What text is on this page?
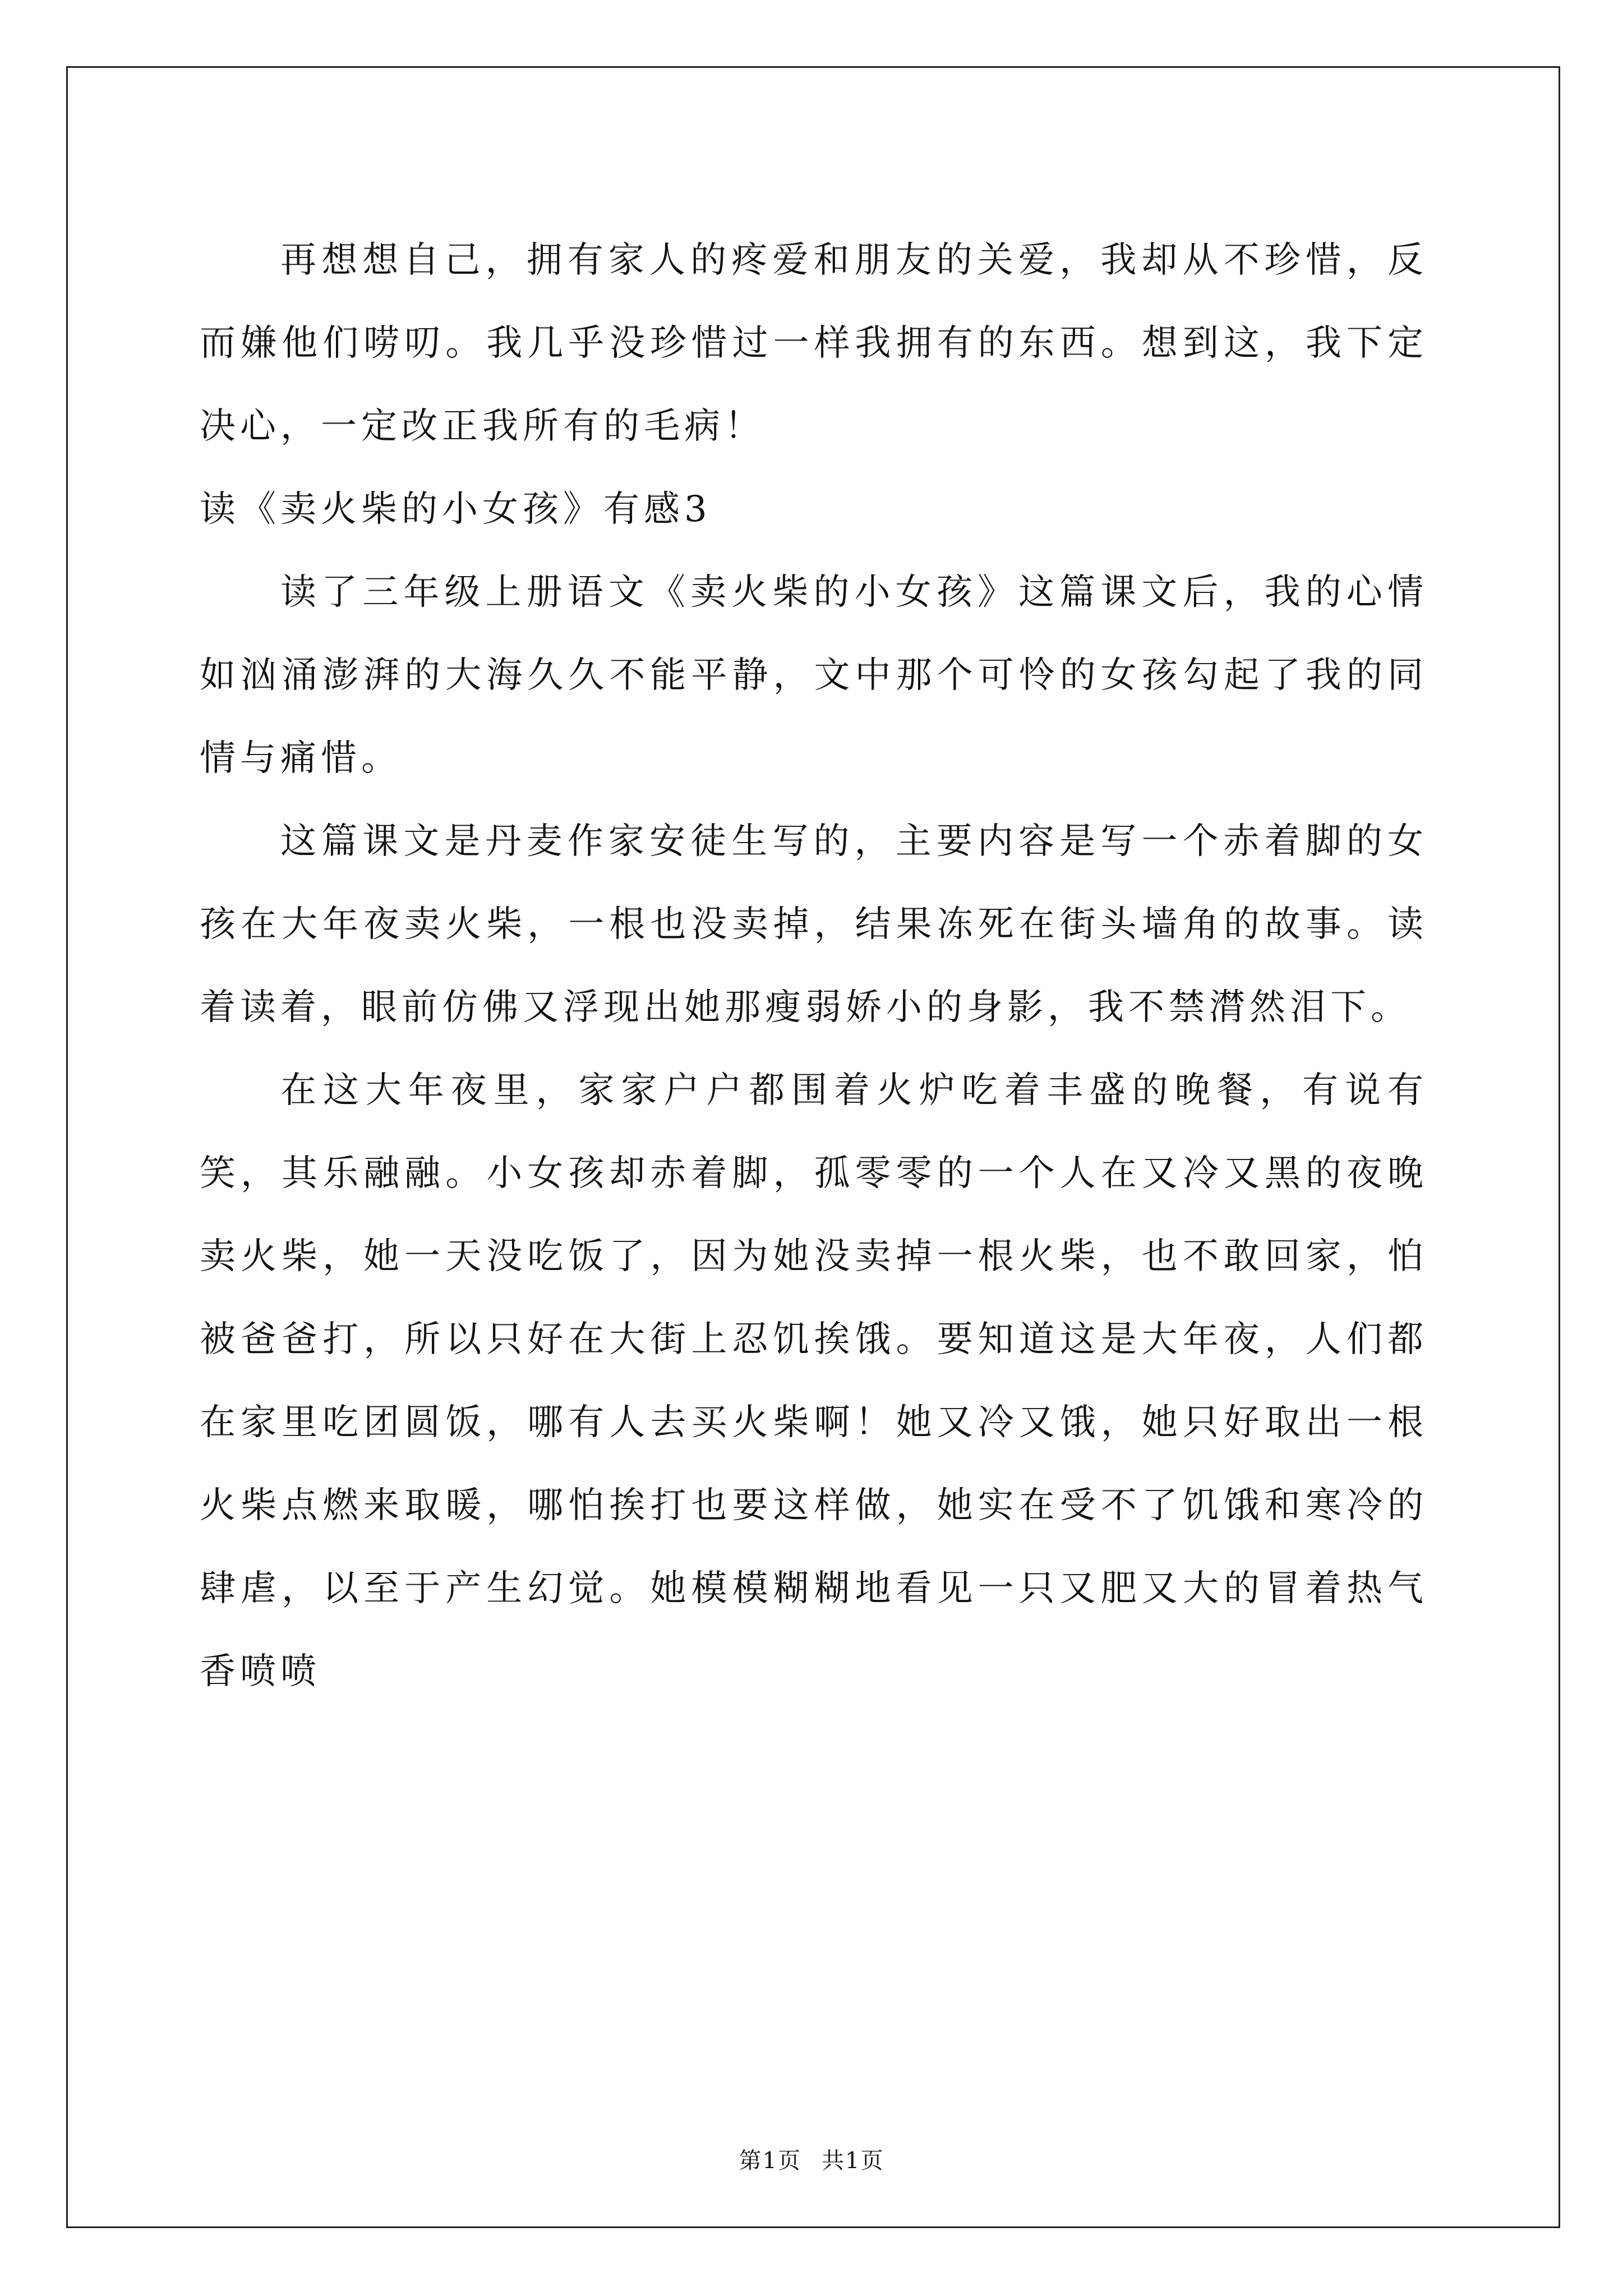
再想想自己，拥有家人的疼爱和朋友的关爱，我却从不珍惜，反而嫌他们唠叨。我几乎没珍惜过一样我拥有的东西。想到这，我下定决心，一定改正我所有的毛病！

读《卖火柴的小女孩》有感3

读了三年级上册语文《卖火柴的小女孩》这篇课文后，我的心情如汹涌澎湃的大海久久不能平静，文中那个可怜的女孩勾起了我的同情与痛惜。

这篇课文是丹麦作家安徒生写的，主要内容是写一个赤着脚的女孩在大年夜卖火柴，一根也没卖掉，结果冻死在街头墙角的故事。读着读着，眼前仿佛又浮现出她那瘦弱娇小的身影，我不禁潸然泪下。

在这大年夜里，家家户户都围着火炉吃着丰盛的晚餐，有说有笑，其乐融融。小女孩却赤着脚，孤零零的一个人在又冷又黑的夜晚卖火柴，她一天没吃饭了，因为她没卖掉一根火柴，也不敢回家，怕被爸爸打，所以只好在大街上忍饥挨饿。要知道这是大年夜，人们都在家里吃团圆饭，哪有人去买火柴啊！她又冷又饿，她只好取出一根火柴点燃来取暖，哪怕挨打也要这样做，她实在受不了饥饿和寒冷的肆虐，以至于产生幻觉。她模模糊糊地看见一只又肥又大的冒着热气香喷喷

第1页 共1页
